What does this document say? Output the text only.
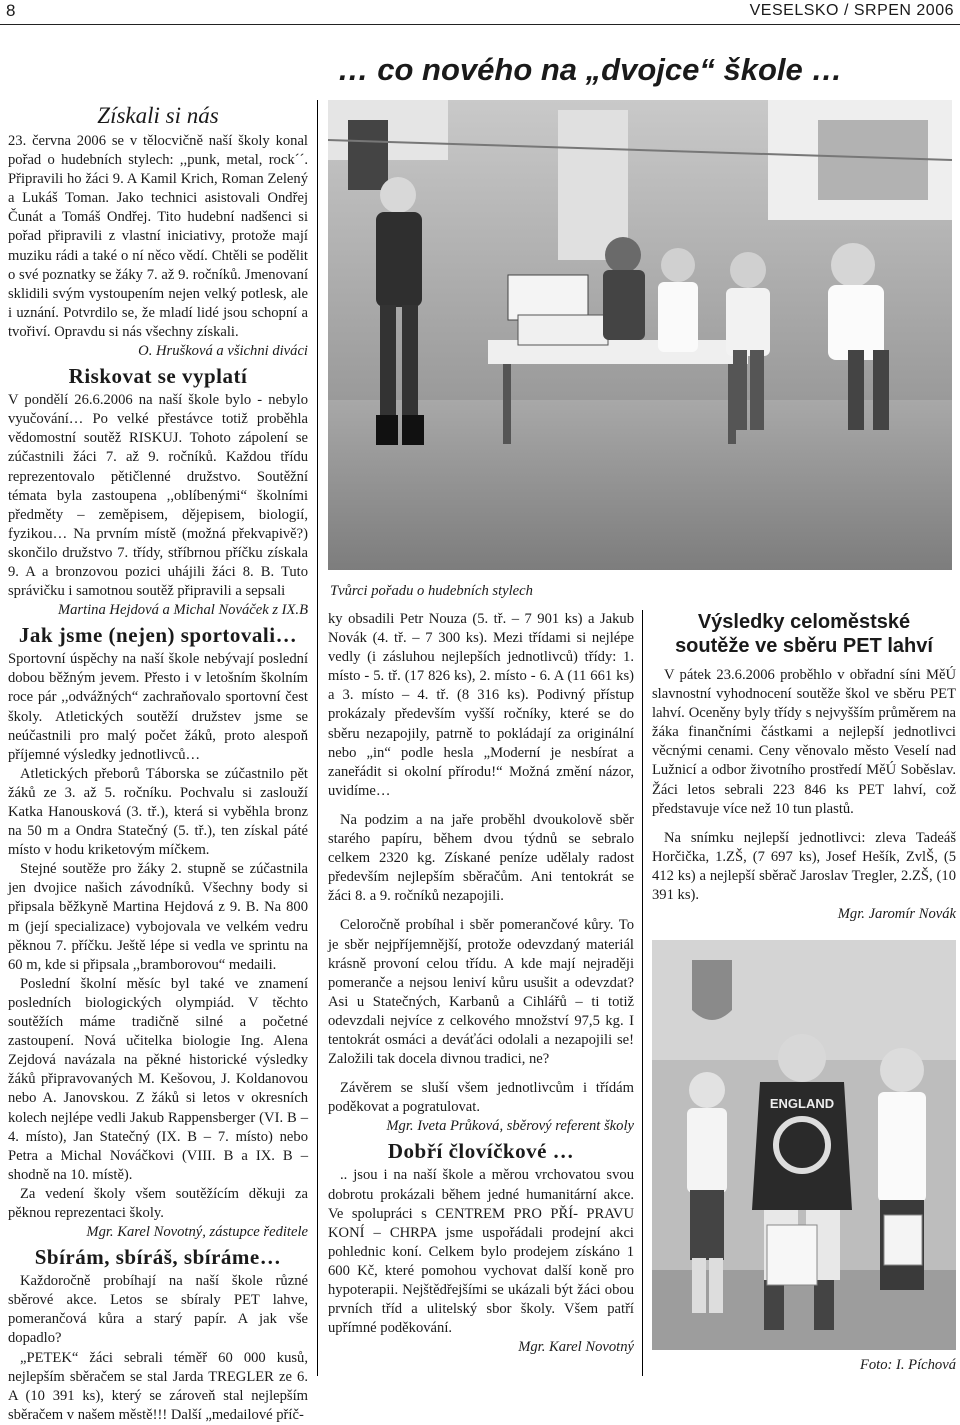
8	VESELSKO / SRPEN 2006
… co nového na „dvojce“ škole …
Získali si nás

23. června 2006 se v tělocvičně naší školy konal pořad o hudebních stylech: ,,punk, metal, rock´´. Připravili ho žáci 9. A Kamil Krich, Roman Zelený a Lukáš Toman. Jako technici asistovali Ondřej Čunát a Tomáš Ondřej. Tito hudební nadšenci si pořad připravili z vlastní iniciativy, protože mají muziku rádi a také o ní něco vědí. Chtěli se podělit o své poznatky se žáky 7. až 9. ročníků. Jmenovaní sklidili svým vystoupením nejen velký potlesk, ale i uznání. Potvrdilo se, že mladí lidé jsou schopní a tvořiví. Opravdu si nás všechny získali.

O. Hrušková a všichni diváci

Riskovat se vyplatí

V pondělí 26.6.2006 na naší škole bylo - nebylo vyučování… Po velké přestávce totiž proběhla vědomostní soutěž RISKUJ. Tohoto zápolení se zúčastnili žáci 7. až 9. ročníků. Každou třídu reprezentovalo pětičlenné družstvo. Soutěžní témata byla zastoupena ,,oblíbenými“ školními předměty – zeměpisem, dějepisem, biologií, fyzikou… Na prvním místě (možná překvapivě?) skončilo družstvo 7. třídy, stříbrnou příčku získala 9. A a bronzovou pozici uhájili žáci 8. B. Tuto správičku i samotnou soutěž připravili a sepsali

Martina Hejdová a Michal Nováček z IX.B

Jak jsme (nejen) sportovali…

Sportovní úspěchy na naší škole nebývají poslední dobou běžným jevem. Přesto i v letošním školním roce pár ,,odvážných“ zachraňovalo sportovní čest školy. Atletických soutěží družstev jsme se neúčastnili pro malý počet žáků, proto alespoň příjemné výsledky jednotlivců…

Atletických přeborů Táborska se zúčastnilo pět žáků ze 3. až 5. ročníku. Pochvalu si zaslouží Katka Hanousková (3. tř.), která si vyběhla bronz na 50 m a Ondra Statečný (5. tř.), ten získal páté místo v hodu kriketovým míčkem.

Stejné soutěže pro žáky 2. stupně se zúčastnila jen dvojice našich závodníků. Všechny body si připsala běžkyně Martina Hejdová z 9. B. Na 800 m (její specializace) vybojovala ve velkém vedru pěknou 7. příčku. Ještě lépe si vedla ve sprintu na 60 m, kde si připsala ,,bramborovou“ medaili.

Poslední školní měsíc byl také ve znamení posledních biologických olympiád. V těchto soutěžích máme tradičně silné a početné zastoupení. Nová učitelka biologie Ing. Alena Zejdová navázala na pěkné historické výsledky žáků připravovaných M. Kešovou, J. Koldanovou nebo A. Janovskou. Z žáků si letos v okresních kolech nejlépe vedli Jakub Rappensberger (VI. B – 4. místo), Jan Statečný (IX. B – 7. místo) nebo Petra a Michal Nováčkovi (VIII. B a IX. B – shodně na 10. místě).

Za vedení školy všem soutěžícím děkuji za pěknou reprezentaci školy.

Mgr. Karel Novotný, zástupce ředitele

Sbírám, sbíráš, sbíráme…

Každoročně probíhají na naší škole různé sběrové akce. Letos se sbíraly PET lahve, pomerančová kůra a starý papír. A jak vše dopadlo?

„PETEK“ žáci sebrali téměř 60 000 kusů, nejlepším sběračem se stal Jarda TREGLER ze 6. A (10 391 ks), který se zároveň stal nejlepším sběračem v našem městě!!! Další „medailové příč-

Tvůrci pořadu o hudebních stylech

ky obsadili Petr Nouza (5. tř. – 7 901 ks) a Jakub Novák (4. tř. – 7 300 ks). Mezi třídami si nejlépe vedly (i zásluhou nejlepších jednotlivců) třídy: 1. místo - 5. tř. (17 826 ks), 2. místo - 6. A (11 661 ks) a 3. místo – 4. tř. (8 316 ks). Podivný přístup prokázaly především vyšší ročníky, které se do sběru nezapojily, patrně to pokládají za originální nebo „in“ podle hesla „Moderní je nesbírat a zaneřádit si okolní přírodu!“ Možná změní názor, uvidíme…

Na podzim a na jaře proběhl dvoukolově sběr starého papíru, během dvou týdnů se sebralo celkem 2320 kg. Získané peníze udělaly radost především nejlepším sběračům. Ani tentokrát se žáci 8. a 9. ročníků nezapojili.

Celoročně probíhal i sběr pomerančové kůry. To je sběr nejpříjemnější, protože odevzdaný materiál krásně provoní celou třídu. A kde mají nejraději pomeranče a nejsou leniví kůru usušit a odevzdat? Asi u Statečných, Karbanů a Cihlářů – ti totiž odevzdali nejvíce z celkového množství 97,5 kg. I tentokrát osmáci a deváťáci odolali a nezapojili se! Založili tak docela divnou tradici, ne?

Závěrem se sluší všem jednotlivcům i třídám poděkovat a pogratulovat.

Mgr. Iveta Průková, sběrový referent školy

Dobří človíčkové …

.. jsou i na naší škole a měrou vrchovatou svou dobrotu prokázali během jedné humanitární akce. Ve spolupráci s CENTREM PRO PŘÍ- PRAVU KONÍ – CHRPA jsme uspořádali prodejní akci pohlednic koní. Celkem bylo prodejem získáno 1 600 Kč, které pomohou vychovat další koně pro hypoterapii. Nejštědřejšími se ukázali být žáci obou prvních tříd a ulitelský sbor školy. Všem patří upřímné poděkování.

Mgr. Karel Novotný

Výsledky celoměstské soutěže ve sběru PET lahví

V pátek 23.6.2006 proběhlo v obřadní síni MěÚ slavnostní vyhodnocení soutěže škol ve sběru PET lahví. Oceněny byly třídy s nejvyšším průměrem na žáka finančními částkami a nejlepší jednotlivci věcnými cenami. Ceny věnovalo město Veselí nad Lužnicí a odbor životního prostředí MěÚ Soběslav. Žáci letos sebrali 223 846 ks PET lahví, což představuje více než 10 tun plastů.

Na snímku nejlepší jednotlivci: zleva Tadeáš Horčička, 1.ZŠ, (7 697 ks), Josef Hešík, ZvlŠ, (5 412 ks) a nejlepší sběrač Jaroslav Tregler, 2.ZŠ, (10 391 ks).

Mgr. Jaromír Novák

ENGLAND
Foto: I. Píchová
